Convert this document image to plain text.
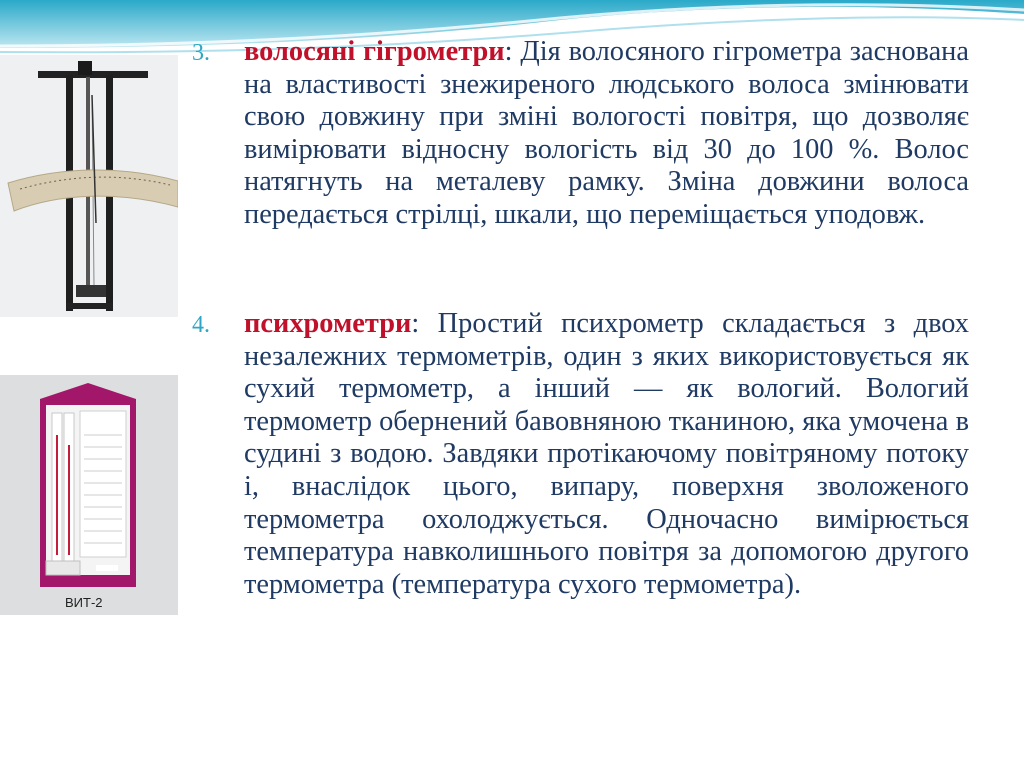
ВИТ-2
3.	волосяні гігрометри: Дія волосяного гігрометра заснована на властивості знежиреного людського волоса змінювати свою довжину при зміні вологості повітря, що дозволяє вимірювати відносну вологість від 30 до 100 %. Волос натягнуть на металеву рамку. Зміна довжини волоса передається стрілці, шкали, що переміщається уподовж.
4.	психрометри: Простий психрометр складається з двох незалежних термометрів, один з яких використовується як сухий термометр, а інший — як вологий. Вологий термометр обернений бавовняною тканиною, яка умочена в судині з водою. Завдяки протікаючому повітряному потоку і, внаслідок цього, випару, поверхня зволоженого термометра охолоджується. Одночасно вимірюється температура навколишнього повітря за допомогою другого термометра (температура сухого термометра).
